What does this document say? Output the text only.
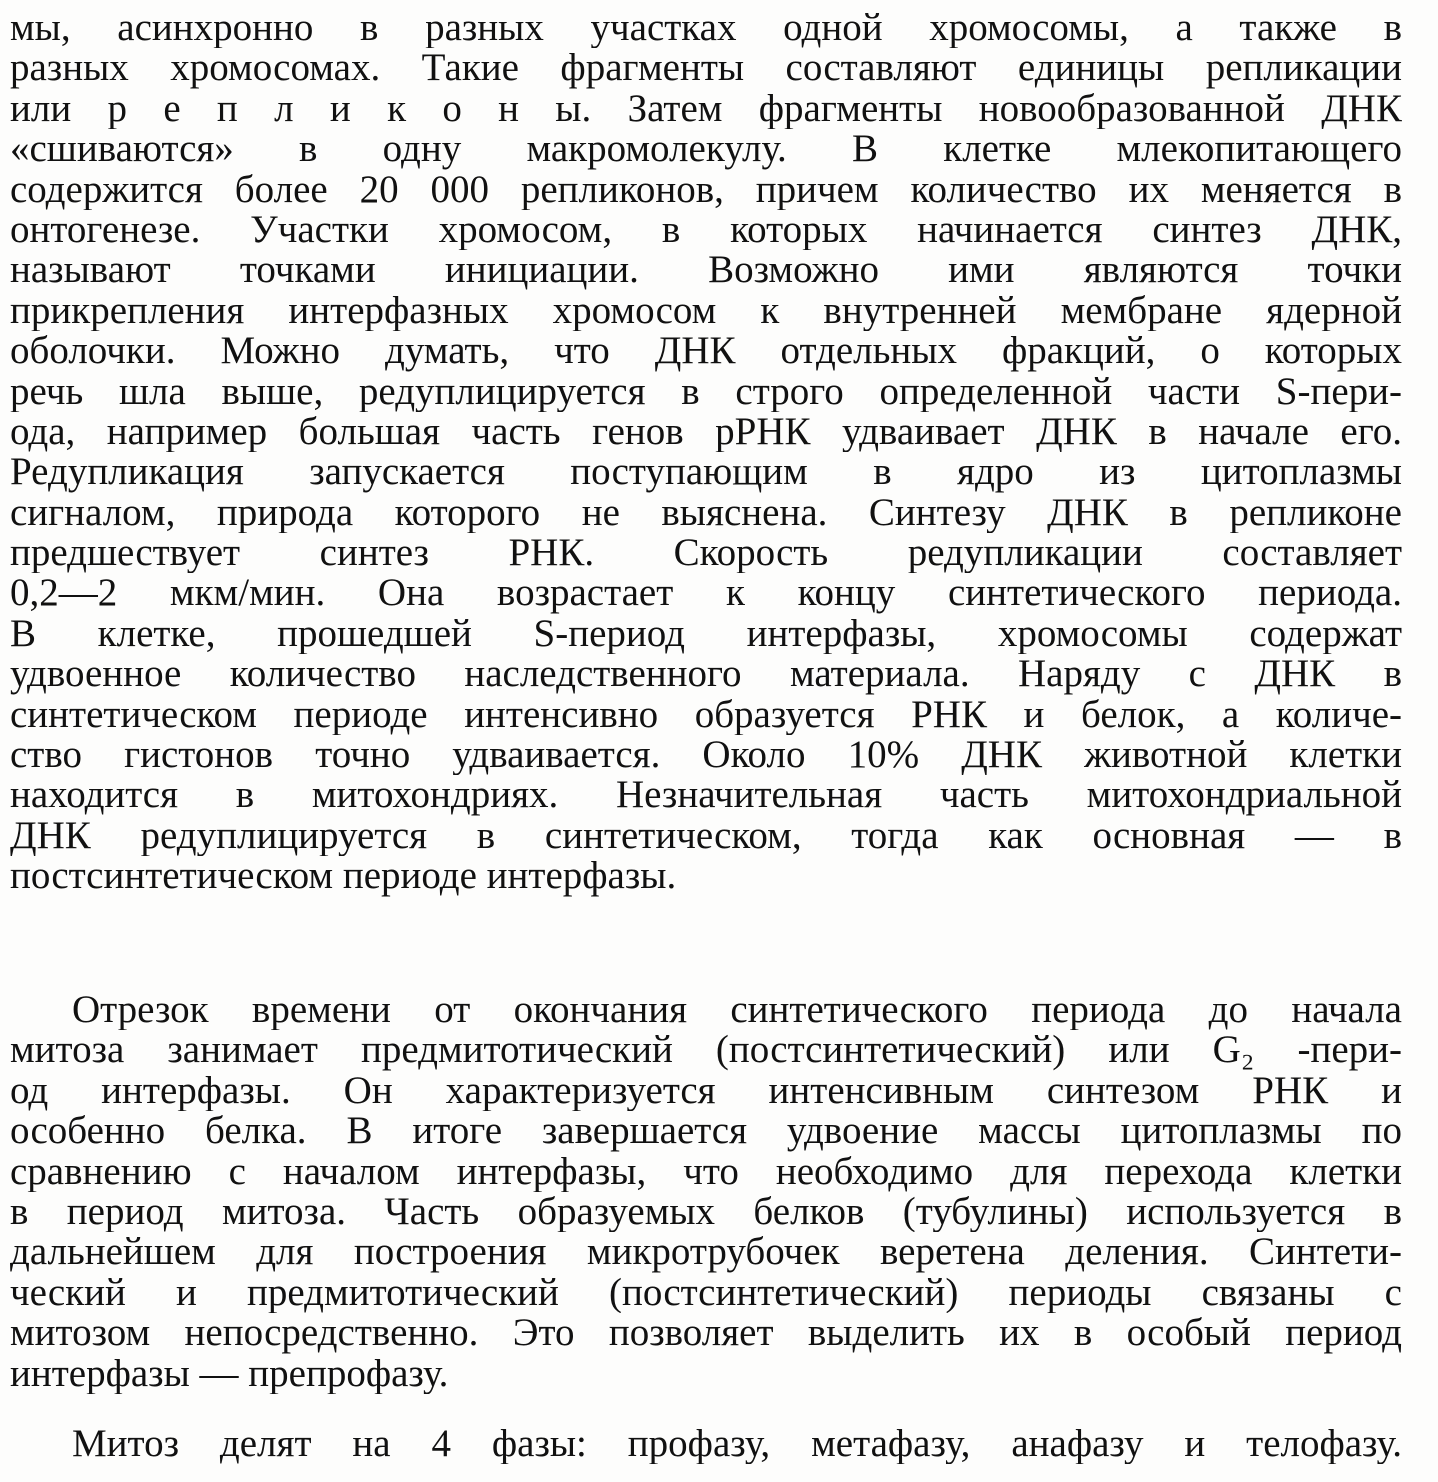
мы, асинхронно в разных участках одной хромосомы, а также в
разных хромосомах. Такие фрагменты составляют единицы репликации
или р е п л и к о н ы. Затем фрагменты новообразованной ДНК
«сшиваются» в одну макромолекулу. В клетке млекопитающего
содержится более 20 000 репликонов, причем количество их меняется в
онтогенезе. Участки хромосом, в которых начинается синтез ДНК,
называют точками инициации. Возможно ими являются точки
прикрепления интерфазных хромосом к внутренней мембране ядерной
оболочки. Можно думать, что ДНК отдельных фракций, о которых
речь шла выше, редуплицируется в строго определенной части S-пери-
ода, например большая часть генов рРНК удваивает ДНК в начале его.
Редупликация запускается поступающим в ядро из цитоплазмы
сигналом, природа которого не выяснена. Синтезу ДНК в репликоне
предшествует синтез РНК. Скорость редупликации составляет
0,2—2 мкм/мин. Она возрастает к концу синтетического периода.
В клетке, прошедшей S-период интерфазы, хромосомы содержат
удвоенное количество наследственного материала. Наряду с ДНК в
синтетическом периоде интенсивно образуется РНК и белок, а количе-
ство гистонов точно удваивается. Около 10% ДНК животной клетки
находится в митохондриях. Незначительная часть митохондриальной
ДНК редуплицируется в синтетическом, тогда как основная — в
постсинтетическом периоде интерфазы.
Отрезок времени от окончания синтетического периода до начала
митоза занимает предмитотический (постсинтетический) или G₂ -пери-
од интерфазы. Он характеризуется интенсивным синтезом РНК и
особенно белка. В итоге завершается удвоение массы цитоплазмы по
сравнению с началом интерфазы, что необходимо для перехода клетки
в период митоза. Часть образуемых белков (тубулины) используется в
дальнейшем для построения микротрубочек веретена деления. Синтети-
ческий и предмитотический (постсинтетический) периоды связаны с
митозом непосредственно. Это позволяет выделить их в особый период
интерфазы — препрофазу.
Митоз делят на 4 фазы: профазу, метафазу, анафазу и телофазу.
